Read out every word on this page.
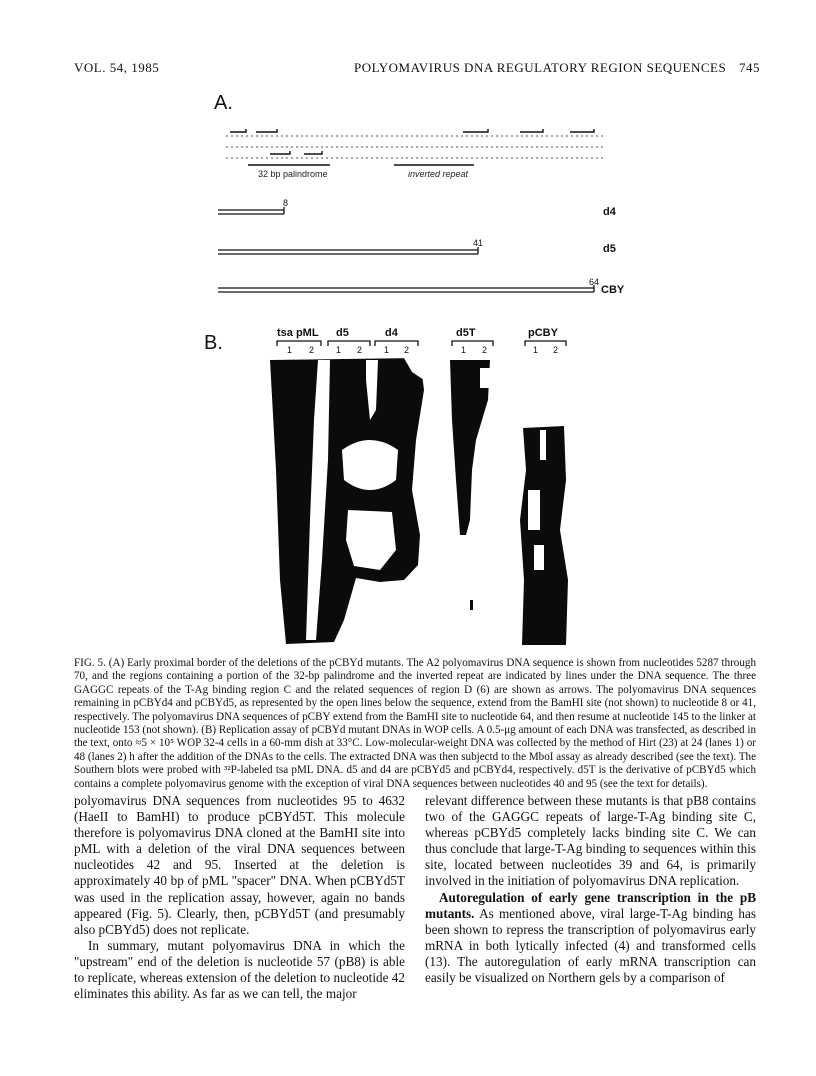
VOL. 54, 1985	POLYOMAVIRUS DNA REGULATORY REGION SEQUENCES 745
A.
32 bp palindrome	inverted repeat
8
d4
41	d5
64
CBY
B.	tsa pML d5	d4	d5T	pCBY
1 2 1 2 1 2	1 2	1 2
FIG. 5. (A) Early proximal border of the deletions of the pCBYd mutants. The A2 polyomavirus DNA sequence is shown from nucleotides 5287 through 70, and the regions containing a portion of the 32-bp palindrome and the inverted repeat are indicated by lines under the DNA sequence. The three GAGGC repeats of the T-Ag binding region C and the related sequences of region D (6) are shown as arrows. The polyomavirus DNA sequences remaining in pCBYd4 and pCBYd5, as represented by the open lines below the sequence, extend from the BamHI site (not shown) to nucleotide 8 or 41, respectively. The polyomavirus DNA sequences of pCBY extend from the BamHI site to nucleotide 64, and then resume at nucleotide 145 to the linker at nucleotide 153 (not shown). (B) Replication assay of pCBYd mutant DNAs in WOP cells. A 0.5-μg amount of each DNA was transfected, as described in the text, onto ≈5 × 10⁵ WOP 32-4 cells in a 60-mm dish at 33°C. Low-molecular-weight DNA was collected by the method of Hirt (23) at 24 (lanes 1) or 48 (lanes 2) h after the addition of the DNAs to the cells. The extracted DNA was then subjectd to the MboI assay as already described (see the text). The Southern blots were probed with ³²P-labeled tsa pML DNA. d5 and d4 are pCBYd5 and pCBYd4, respectively. d5T is the derivative of pCBYd5 which contains a complete polyomavirus genome with the exception of viral DNA sequences between nucleotides 40 and 95 (see the text for details).

polyomavirus DNA sequences from nucleotides 95 to 4632 (HaeII to BamHI) to produce pCBYd5T. This molecule therefore is polyomavirus DNA cloned at the BamHI site into pML with a deletion of the viral DNA sequences between nucleotides 42 and 95. Inserted at the deletion is approximately 40 bp of pML "spacer" DNA. When pCBYd5T was used in the replication assay, however, again no bands appeared (Fig. 5). Clearly, then, pCBYd5T (and presumably also pCBYd5) does not replicate.

In summary, mutant polyomavirus DNA in which the "upstream" end of the deletion is nucleotide 57 (pB8) is able to replicate, whereas extension of the deletion to nucleotide 42 eliminates this ability. As far as we can tell, the major

relevant difference between these mutants is that pB8 contains two of the GAGGC repeats of large-T-Ag binding site C, whereas pCBYd5 completely lacks binding site C. We can thus conclude that large-T-Ag binding to sequences within this site, located between nucleotides 39 and 64, is primarily involved in the initiation of polyomavirus DNA replication.

Autoregulation of early gene transcription in the pB mutants. As mentioned above, viral large-T-Ag binding has been shown to repress the transcription of polyomavirus early mRNA in both lytically infected (4) and transformed cells (13). The autoregulation of early mRNA transcription can easily be visualized on Northern gels by a comparison of
